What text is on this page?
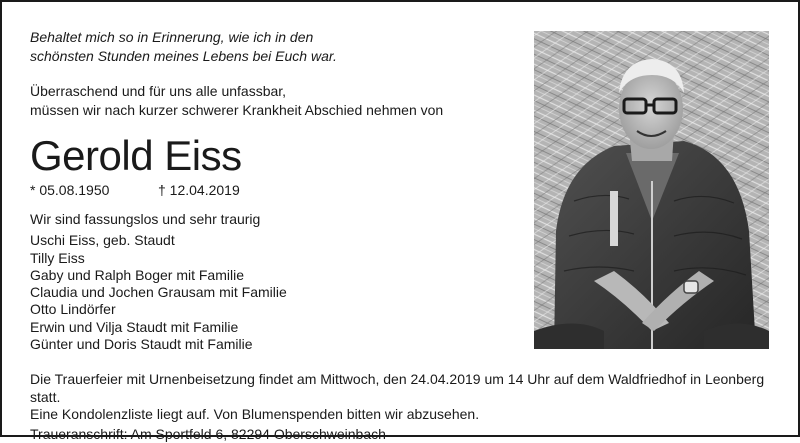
Behaltet mich so in Erinnerung, wie ich in den
schönsten Stunden meines Lebens bei Euch war.
Überraschend und für uns alle unfassbar,
müssen wir nach kurzer schwerer Krankheit Abschied nehmen von
Gerold Eiss
* 05.08.1950	† 12.04.2019
Wir sind fassungslos und sehr traurig
Uschi Eiss, geb. Staudt
Tilly Eiss
Gaby und Ralph Boger mit Familie
Claudia und Jochen Grausam mit Familie
Otto Lindörfer
Erwin und Vilja Staudt mit Familie
Günter und Doris Staudt mit Familie
Die Trauerfeier mit Urnenbeisetzung findet am Mittwoch, den 24.04.2019 um 14 Uhr auf dem Waldfriedhof in Leonberg statt.
Eine Kondolenzliste liegt auf. Von Blumenspenden bitten wir abzusehen.
Traueranschrift: Am Sportfeld 6, 82294 Oberschweinbach
